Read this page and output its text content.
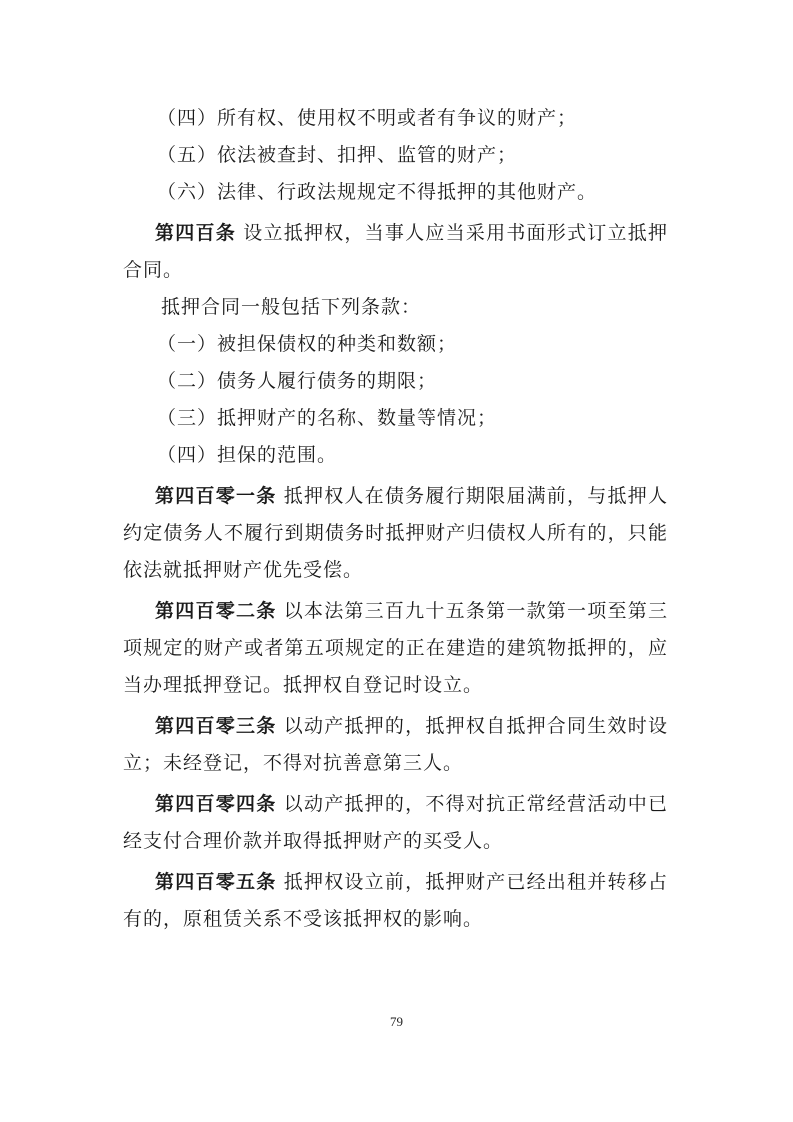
（四）所有权、使用权不明或者有争议的财产；

（五）依法被查封、扣押、监管的财产；

（六）法律、行政法规规定不得抵押的其他财产。

第四百条 设立抵押权，当事人应当采用书面形式订立抵押合同。

抵押合同一般包括下列条款：

（一）被担保债权的种类和数额；

（二）债务人履行债务的期限；

（三）抵押财产的名称、数量等情况；

（四）担保的范围。

第四百零一条 抵押权人在债务履行期限届满前，与抵押人约定债务人不履行到期债务时抵押财产归债权人所有的，只能依法就抵押财产优先受偿。

第四百零二条 以本法第三百九十五条第一款第一项至第三项规定的财产或者第五项规定的正在建造的建筑物抵押的，应当办理抵押登记。抵押权自登记时设立。

第四百零三条 以动产抵押的，抵押权自抵押合同生效时设立；未经登记，不得对抗善意第三人。

第四百零四条 以动产抵押的，不得对抗正常经营活动中已经支付合理价款并取得抵押财产的买受人。

第四百零五条 抵押权设立前，抵押财产已经出租并转移占有的，原租赁关系不受该抵押权的影响。

79
